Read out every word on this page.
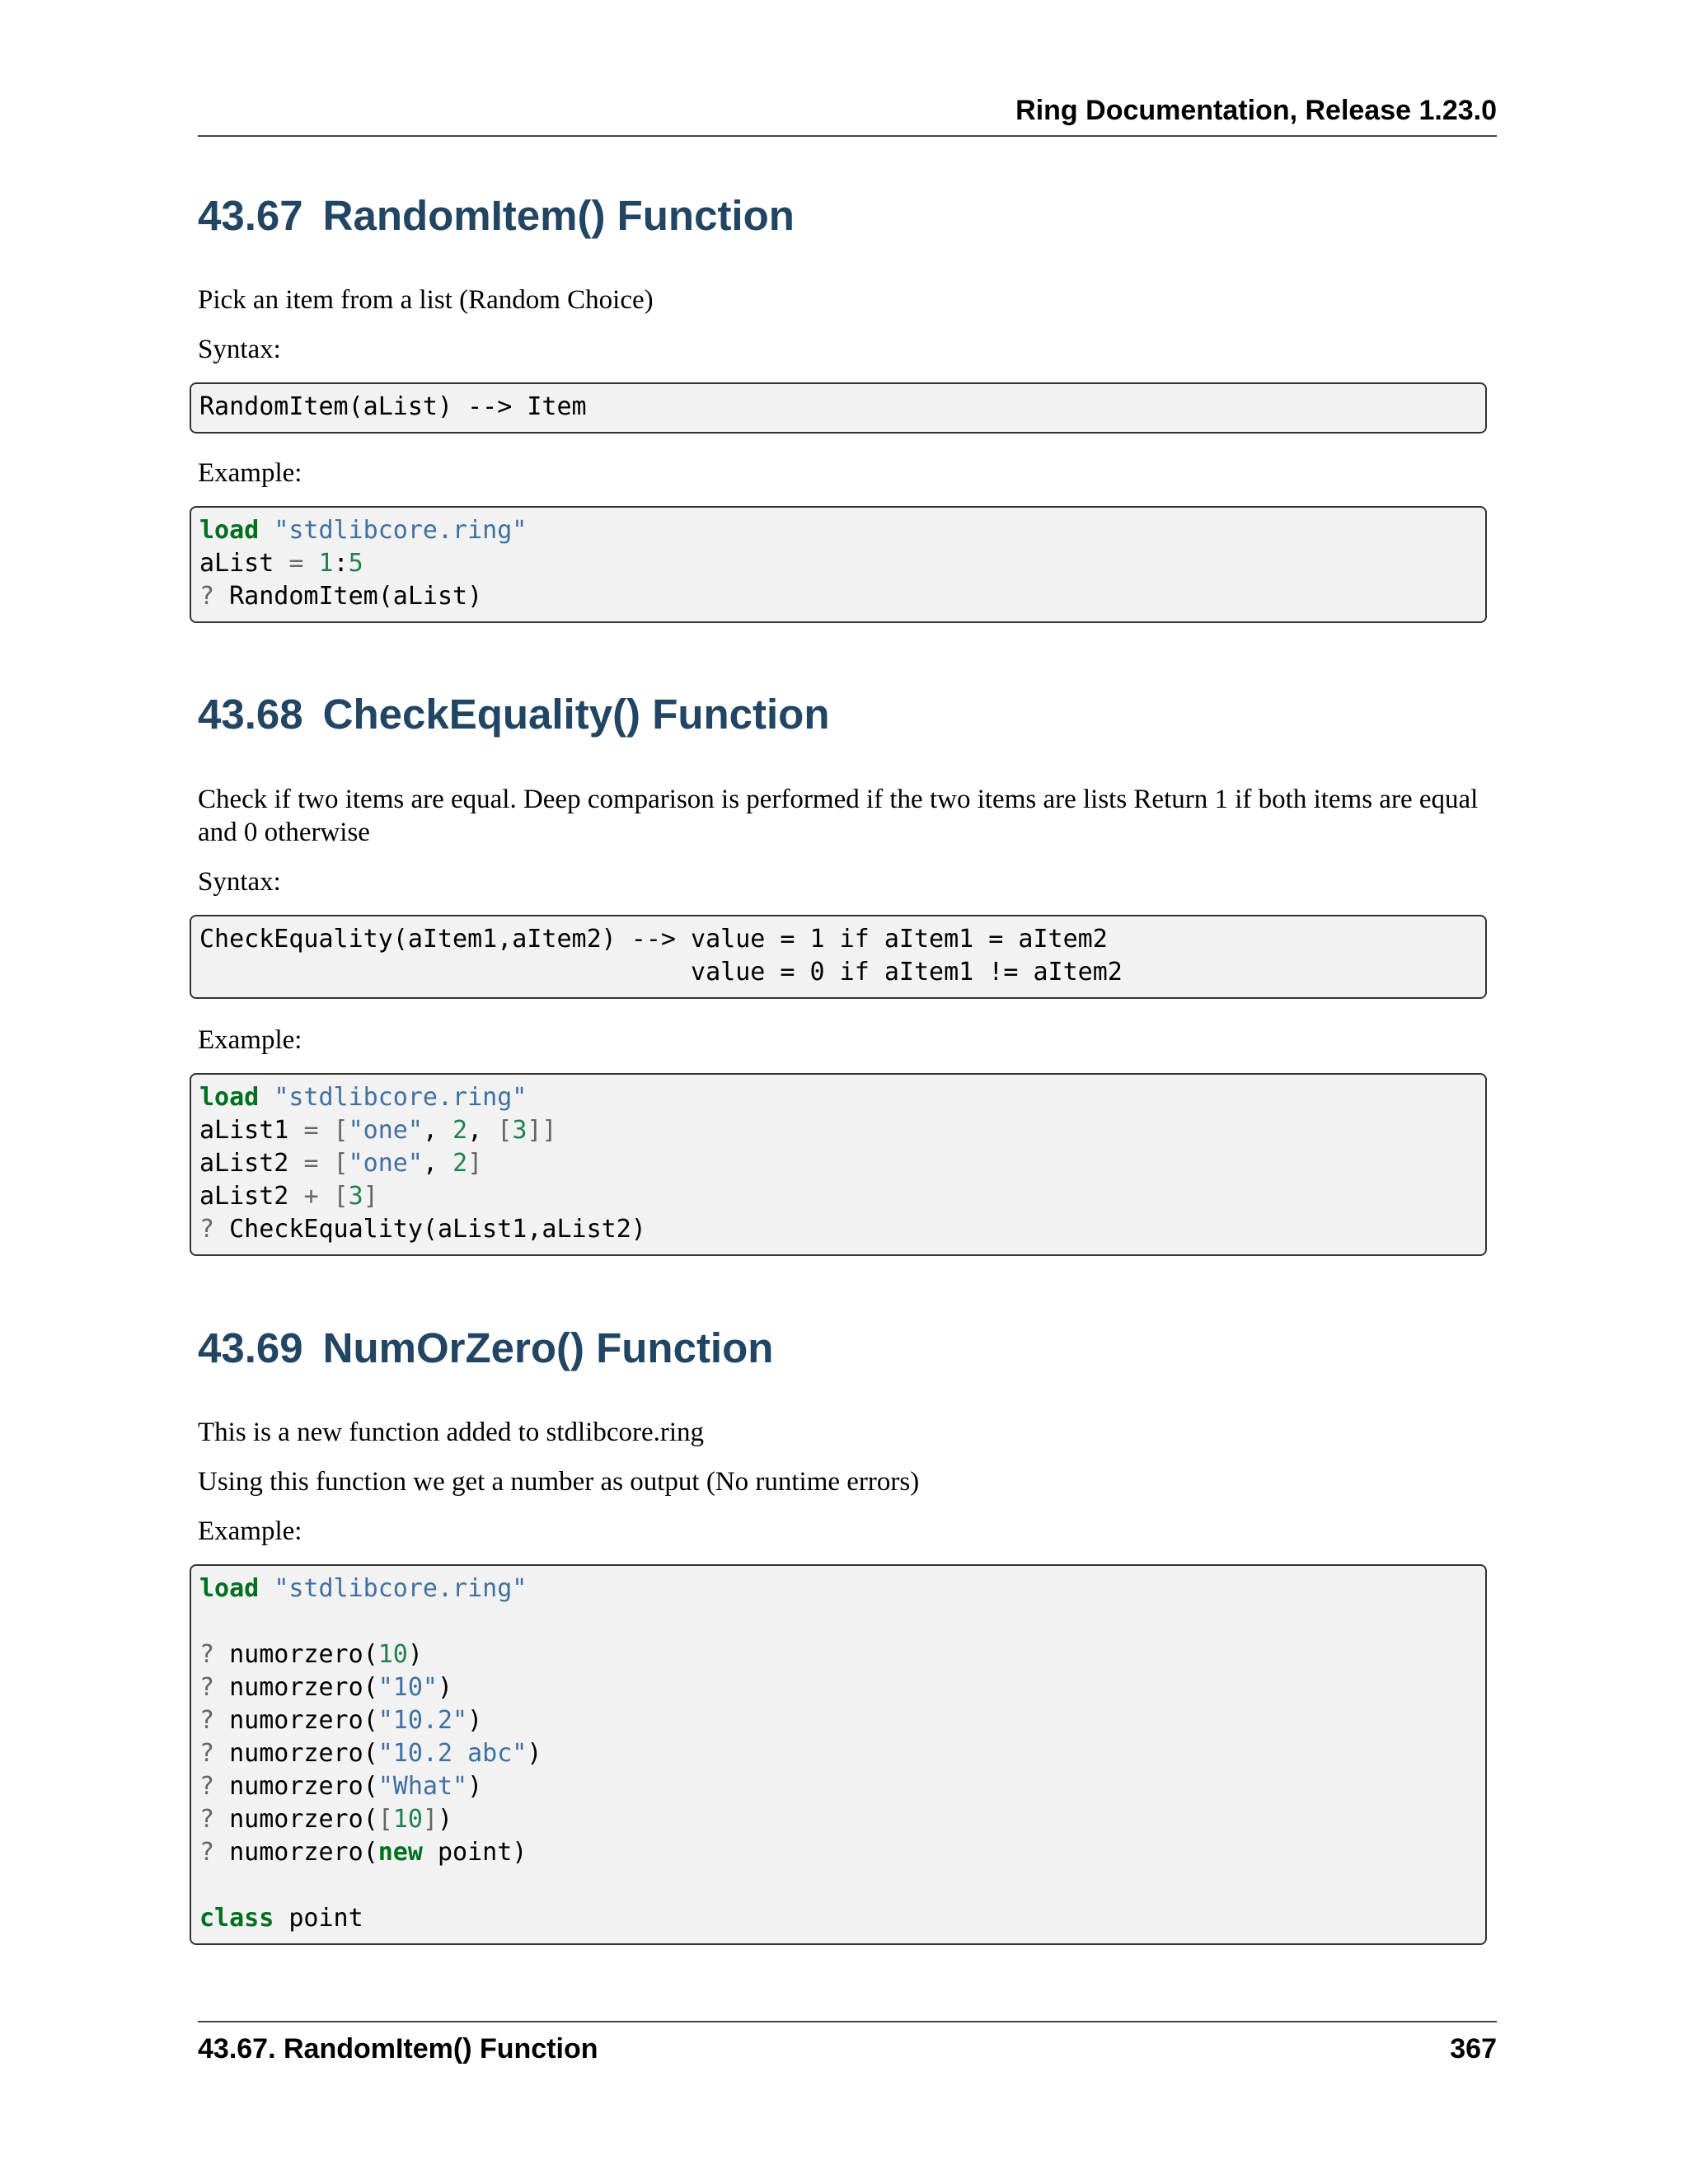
Ring Documentation, Release 1.23.0
43.67 RandomItem() Function

Pick an item from a list (Random Choice)

Syntax:

RandomItem(aList) --> Item

Example:

load "stdlibcore.ring"
aList = 1:5
? RandomItem(aList)
43.68 CheckEquality() Function

Check if two items are equal. Deep comparison is performed if the two items are lists Return 1 if both items are equal

and 0 otherwise

Syntax:

CheckEquality(aItem1,aItem2) --> value = 1 if aItem1 = aItem2
value = 0 if aItem1 != aItem2

Example:

load "stdlibcore.ring"
aList1 = ["one", 2, [3]]
aList2 = ["one", 2]
aList2 + [3]
? CheckEquality(aList1,aList2)
43.69 NumOrZero() Function

This is a new function added to stdlibcore.ring

Using this function we get a number as output (No runtime errors)

Example:

load "stdlibcore.ring"
? numorzero(10)
? numorzero("10")
? numorzero("10.2")
? numorzero("10.2 abc")
? numorzero("What")
? numorzero([10])
? numorzero(new point)
class point
43.67. RandomItem() Function	367
